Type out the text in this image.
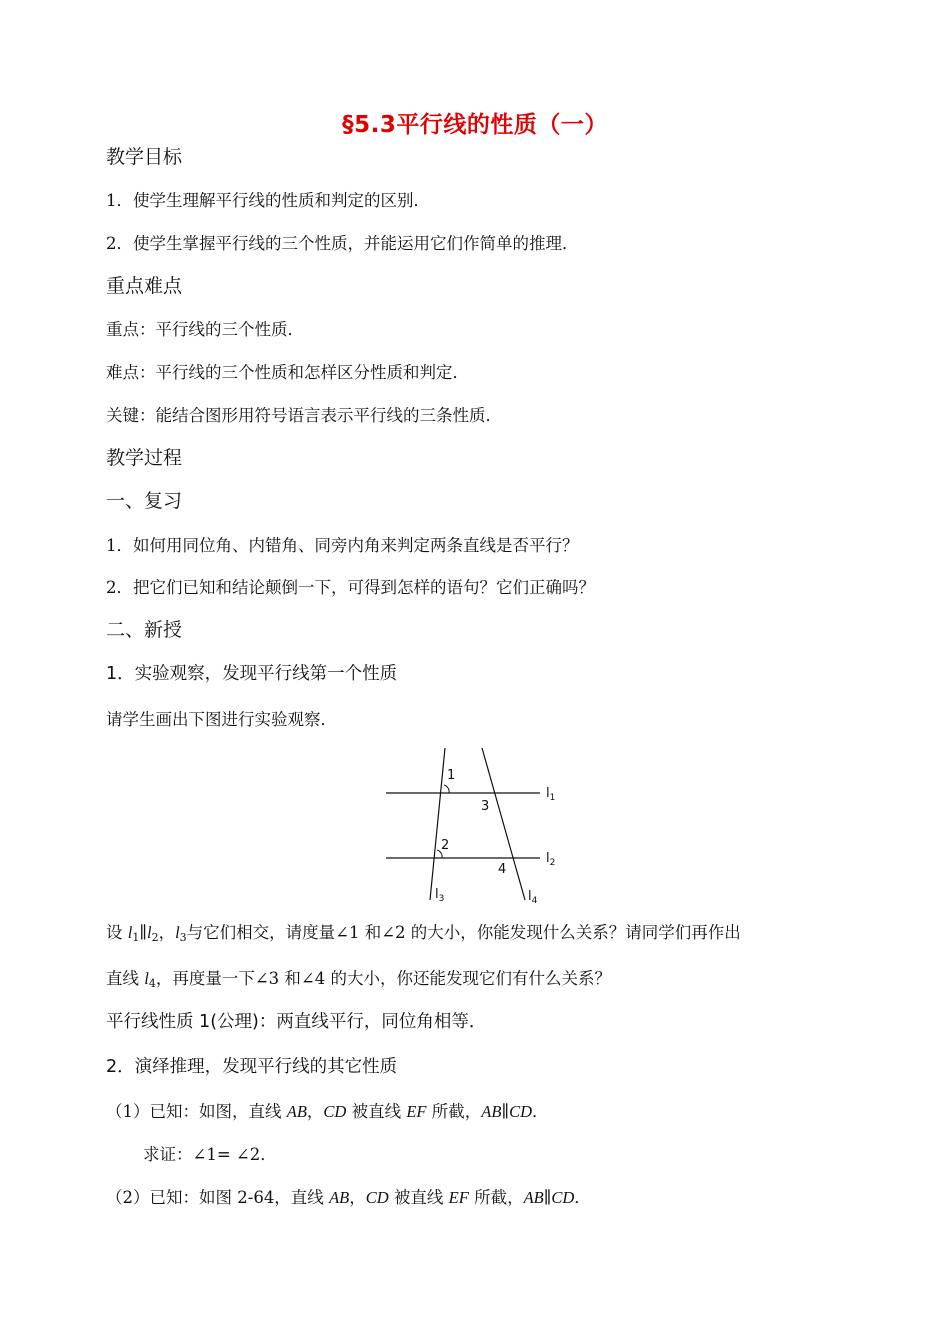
§5.3平行线的性质（一）
教学目标
1．使学生理解平行线的性质和判定的区别．
2．使学生掌握平行线的三个性质，并能运用它们作简单的推理．
重点难点
重点：平行线的三个性质．
难点：平行线的三个性质和怎样区分性质和判定．
关键：能结合图形用符号语言表示平行线的三条性质．
教学过程
一、复习
1．如何用同位角、内错角、同旁内角来判定两条直线是否平行？
2．把它们已知和结论颠倒一下，可得到怎样的语句？它们正确吗？
二、新授
1．实验观察，发现平行线第一个性质
请学生画出下图进行实验观察．
1
3
2
4
$l_1$
$l_2$
$l_3$	$l_4$
设 $l_1\parallel l_2$，$l_3$与它们相交，请度量∠1 和∠2 的大小，你能发现什么关系？请同学们再作出
直线 $l_4$，再度量一下∠3 和∠4 的大小，你还能发现它们有什么关系？
平行线性质 1(公理)：两直线平行，同位角相等．
2．演绎推理，发现平行线的其它性质
（1）已知：如图，直线 AB，CD 被直线 EF 所截，AB∥CD．
求证：∠1= ∠2．
（2）已知：如图 2-64，直线 AB，CD 被直线 EF 所截，AB∥CD．
